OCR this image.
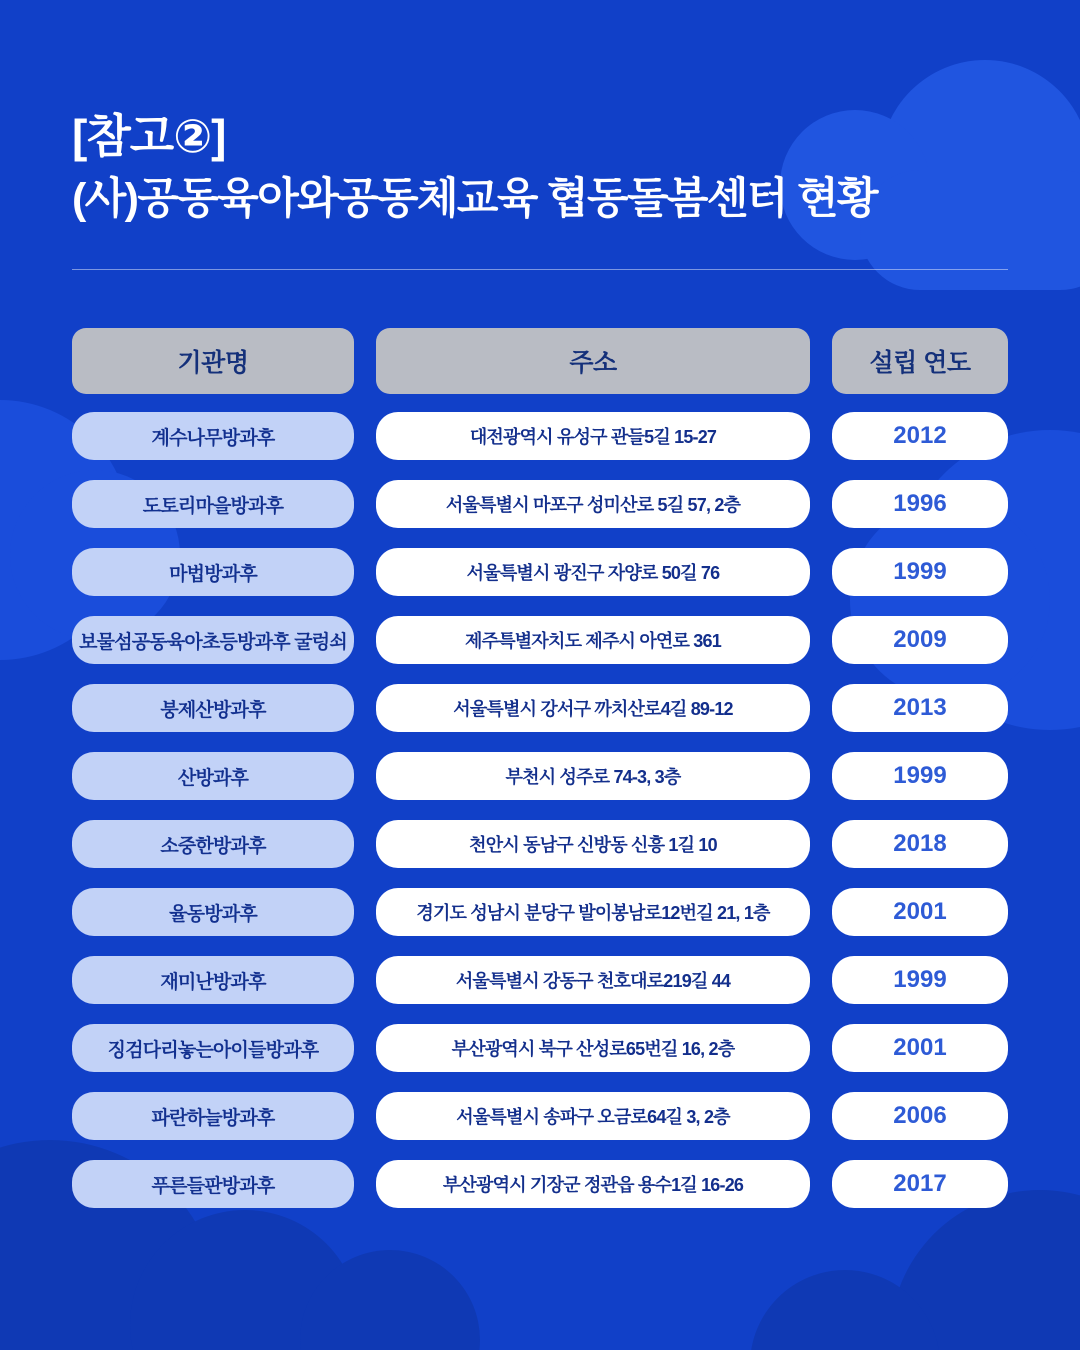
[참고②]
(사)공동육아와공동체교육 협동돌봄센터 현황
기관명	주소	설립 연도
계수나무방과후	대전광역시 유성구 관들5길 15-27	2012
도토리마을방과후	서울특별시 마포구 성미산로 5길 57, 2층	1996
마법방과후	서울특별시 광진구 자양로 50길 76	1999
보물섬공동육아초등방과후 굴렁쇠	제주특별자치도 제주시 아연로 361	2009
붕제산방과후	서울특별시 강서구 까치산로4길 89-12	2013
산방과후	부천시 성주로 74-3, 3층	1999
소중한방과후	천안시 동남구 신방동 신흥 1길 10	2018
율동방과후	경기도 성남시 분당구 발이봉남로12번길 21, 1층	2001
재미난방과후	서울특별시 강동구 천호대로219길 44	1999
징검다리놓는아이들방과후	부산광역시 북구 산성로65번길 16, 2층	2001
파란하늘방과후	서울특별시 송파구 오금로64길 3, 2층	2006
푸른들판방과후	부산광역시 기장군 정관읍 용수1길 16-26	2017
